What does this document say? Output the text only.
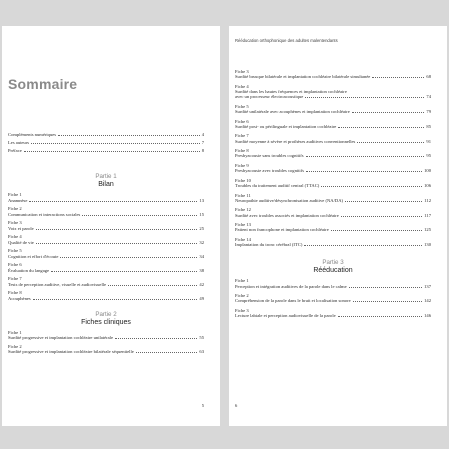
Sommaire
Compléments numériques	4
Les auteurs	7
Préface	8
Partie 1
Bilan
Fiche 1
Anamnèse	13
Fiche 2
Communication et interactions sociales	15
Fiche 3
Voix et parole	25
Fiche 4
Qualité de vie	32
Fiche 5
Cognition et effort d'écoute	34
Fiche 6
Évaluation du langage	38
Fiche 7
Tests de perception auditive, visuelle et audiovisuelle	42
Fiche 8
Acouphènes	49
Partie 2
Fiches cliniques
Fiche 1
Surdité progressive et implantation cochléaire unilatérale	55
Fiche 2
Surdité progressive et implantation cochléaire bilatérale séquentielle	63
5
Rééducation orthophonique des adultes malentendants
Fiche 3
Surdité brusque bilatérale et implantation cochléaire bilatérale simultanée	68
Fiche 4
Surdité dans les hautes fréquences et implantation cochléaire
avec un processeur électroacoustique	74
Fiche 5
Surdité unilatérale avec acouphènes et implantation cochléaire	79
Fiche 6
Surdité post- ou périlinguale et implantation cochléaire	85
Fiche 7
Surdité moyenne à sévère et prothèses auditives conventionnelles	91
Fiche 8
Presbyacousie sans troubles cognitifs	95
Fiche 9
Presbyacousie avec troubles cognitifs	100
Fiche 10
Troubles du traitement auditif central (TTAC)	106
Fiche 11
Neuropathie auditive/désynchronisation auditive (NA/DA)	112
Fiche 12
Surdité avec troubles associés et implantation cochléaire	117
Fiche 13
Patient non francophone et implantation cochléaire	125
Fiche 14
Implantation du tronc cérébral (ITC)	130
Partie 3
Rééducation
Fiche 1
Perception et intégration auditives de la parole dans le calme	137
Fiche 2
Compréhension de la parole dans le bruit et localisation sonore	142
Fiche 3
Lecture labiale et perception audiovisuelle de la parole	146
6
